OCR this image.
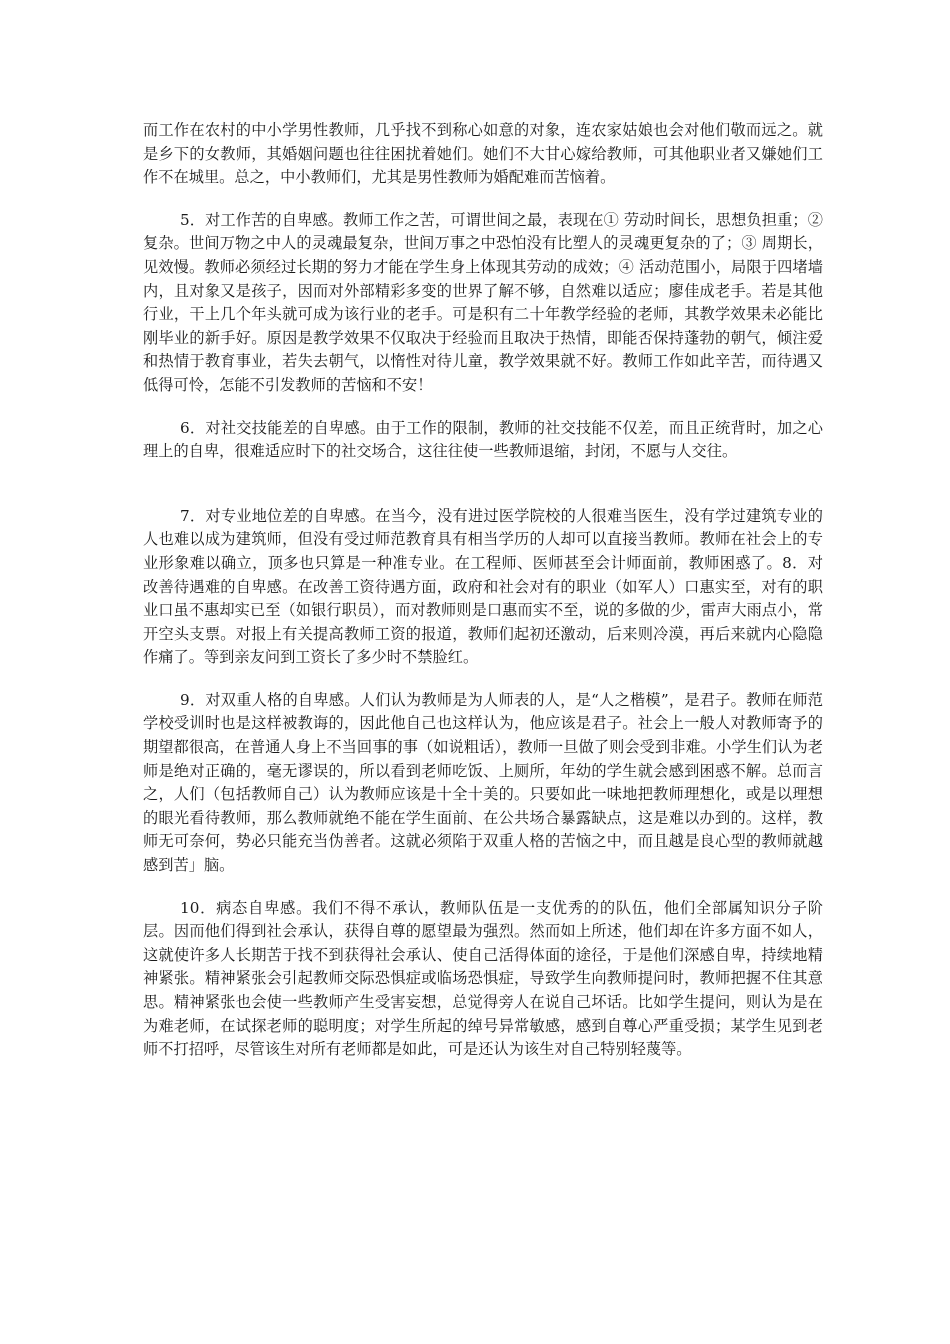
而工作在农村的中小学男性教师，几乎找不到称心如意的对象，连农家姑娘也会对他们敬而远之。就是乡下的女教师，其婚姻问题也往往困扰着她们。她们不大甘心嫁给教师，可其他职业者又嫌她们工作不在城里。总之，中小教师们，尤其是男性教师为婚配难而苦恼着。

5．对工作苦的自卑感。教师工作之苦，可谓世间之最，表现在① 劳动时间长，思想负担重；② 复杂。世间万物之中人的灵魂最复杂，世间万事之中恐怕没有比塑人的灵魂更复杂的了；③ 周期长，见效慢。教师必须经过长期的努力才能在学生身上体现其劳动的成效；④ 活动范围小，局限于四堵墙内，且对象又是孩子，因而对外部精彩多变的世界了解不够，自然难以适应；廖佳成老手。若是其他行业，干上几个年头就可成为该行业的老手。可是积有二十年教学经验的老师，其教学效果未必能比刚毕业的新手好。原因是教学效果不仅取决于经验而且取决于热情，即能否保持蓬勃的朝气，倾注爱和热情于教育事业，若失去朝气，以惰性对待儿童，教学效果就不好。教师工作如此辛苦，而待遇又低得可怜，怎能不引发教师的苦恼和不安！

6．对社交技能差的自卑感。由于工作的限制，教师的社交技能不仅差，而且正统背时，加之心理上的自卑，很难适应时下的社交场合，这往往使一些教师退缩，封闭，不愿与人交往。

7．对专业地位差的自卑感。在当今，没有进过医学院校的人很难当医生，没有学过建筑专业的人也难以成为建筑师，但没有受过师范教育具有相当学历的人却可以直接当教师。教师在社会上的专业形象难以确立，顶多也只算是一种准专业。在工程师、医师甚至会计师面前，教师困惑了。8．对改善待遇难的自卑感。在改善工资待遇方面，政府和社会对有的职业（如军人）口惠实至，对有的职业口虽不惠却实已至（如银行职员），而对教师则是口惠而实不至，说的多做的少，雷声大雨点小，常开空头支票。对报上有关提高教师工资的报道，教师们起初还激动，后来则冷漠，再后来就内心隐隐作痛了。等到亲友问到工资长了多少时不禁脸红。

9．对双重人格的自卑感。人们认为教师是为人师表的人，是“人之楷模”，是君子。教师在师范学校受训时也是这样被教诲的，因此他自己也这样认为，他应该是君子。社会上一般人对教师寄予的期望都很高，在普通人身上不当回事的事（如说粗话），教师一旦做了则会受到非难。小学生们认为老师是绝对正确的，毫无谬误的，所以看到老师吃饭、上厕所，年幼的学生就会感到困惑不解。总而言之，人们（包括教师自己）认为教师应该是十全十美的。只要如此一味地把教师理想化，或是以理想的眼光看待教师，那么教师就绝不能在学生面前、在公共场合暴露缺点，这是难以办到的。这样，教师无可奈何，势必只能充当伪善者。这就必须陷于双重人格的苦恼之中，而且越是良心型的教师就越感到苦」脑。

10．病态自卑感。我们不得不承认，教师队伍是一支优秀的的队伍，他们全部属知识分子阶层。因而他们得到社会承认，获得自尊的愿望最为强烈。然而如上所述，他们却在许多方面不如人，这就使许多人长期苦于找不到获得社会承认、使自己活得体面的途径，于是他们深感自卑，持续地精神紧张。精神紧张会引起教师交际恐惧症或临场恐惧症，导致学生向教师提问时，教师把握不住其意思。精神紧张也会使一些教师产生受害妄想，总觉得旁人在说自己坏话。比如学生提问，则认为是在为难老师，在试探老师的聪明度；对学生所起的绰号异常敏感，感到自尊心严重受损；某学生见到老师不打招呼，尽管该生对所有老师都是如此，可是还认为该生对自己特别轻蔑等。
